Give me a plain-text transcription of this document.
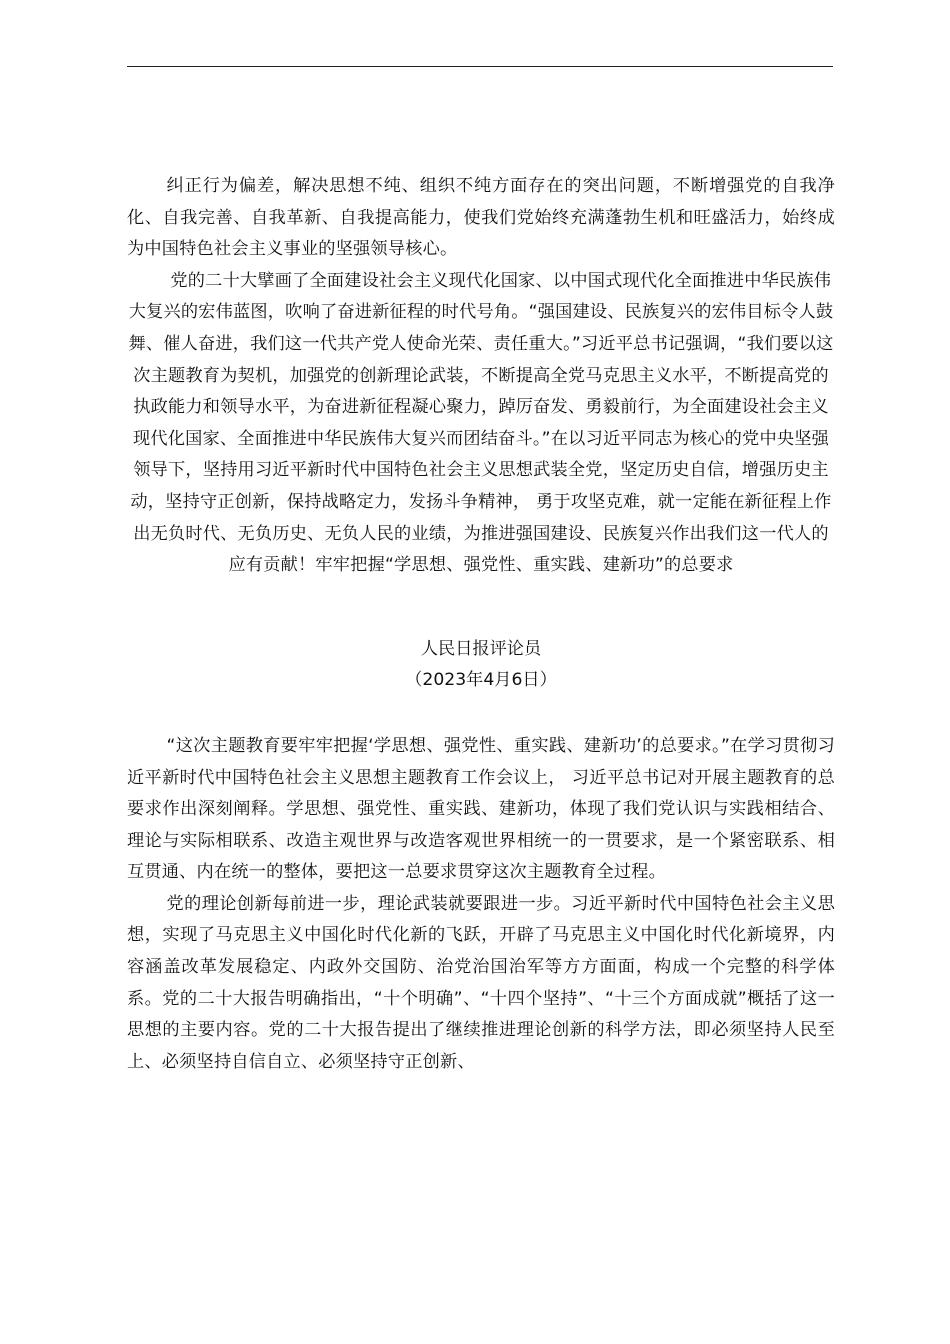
纠正行为偏差，解决思想不纯、组织不纯方面存在的突出问题，不断增强党的自我净化、自我完善、自我革新、自我提高能力，使我们党始终充满蓬勃生机和旺盛活力，始终成为中国特色社会主义事业的坚强领导核心。

党的二十大擘画了全面建设社会主义现代化国家、以中国式现代化全面推进中华民族伟大复兴的宏伟蓝图，吹响了奋进新征程的时代号角。“强国建设、民族复兴的宏伟目标令人鼓舞、催人奋进，我们这一代共产党人使命光荣、责任重大。”习近平总书记强调，“我们要以这次主题教育为契机，加强党的创新理论武装，不断提高全党马克思主义水平，不断提高党的执政能力和领导水平，为奋进新征程凝心聚力，踔厉奋发、勇毅前行，为全面建设社会主义现代化国家、全面推进中华民族伟大复兴而团结奋斗。”在以习近平同志为核心的党中央坚强领导下，坚持用习近平新时代中国特色社会主义思想武装全党，坚定历史自信，增强历史主动，坚持守正创新，保持战略定力，发扬斗争精神， 勇于攻坚克难，就一定能在新征程上作出无负时代、无负历史、无负人民的业绩，为推进强国建设、民族复兴作出我们这一代人的应有贡献！牢牢把握“学思想、强党性、重实践、建新功”的总要求

人民日报评论员

（2023年4月6日）

“这次主题教育要牢牢把握‘学思想、强党性、重实践、建新功’的总要求。”在学习贯彻习近平新时代中国特色社会主义思想主题教育工作会议上， 习近平总书记对开展主题教育的总要求作出深刻阐释。学思想、强党性、重实践、建新功，体现了我们党认识与实践相结合、理论与实际相联系、改造主观世界与改造客观世界相统一的一贯要求，是一个紧密联系、相互贯通、内在统一的整体，要把这一总要求贯穿这次主题教育全过程。

党的理论创新每前进一步，理论武装就要跟进一步。习近平新时代中国特色社会主义思想，实现了马克思主义中国化时代化新的飞跃，开辟了马克思主义中国化时代化新境界，内容涵盖改革发展稳定、内政外交国防、治党治国治军等方方面面，构成一个完整的科学体系。党的二十大报告明确指出，“十个明确”、“十四个坚持”、“十三个方面成就”概括了这一思想的主要内容。党的二十大报告提出了继续推进理论创新的科学方法，即必须坚持人民至上、必须坚持自信自立、必须坚持守正创新、
